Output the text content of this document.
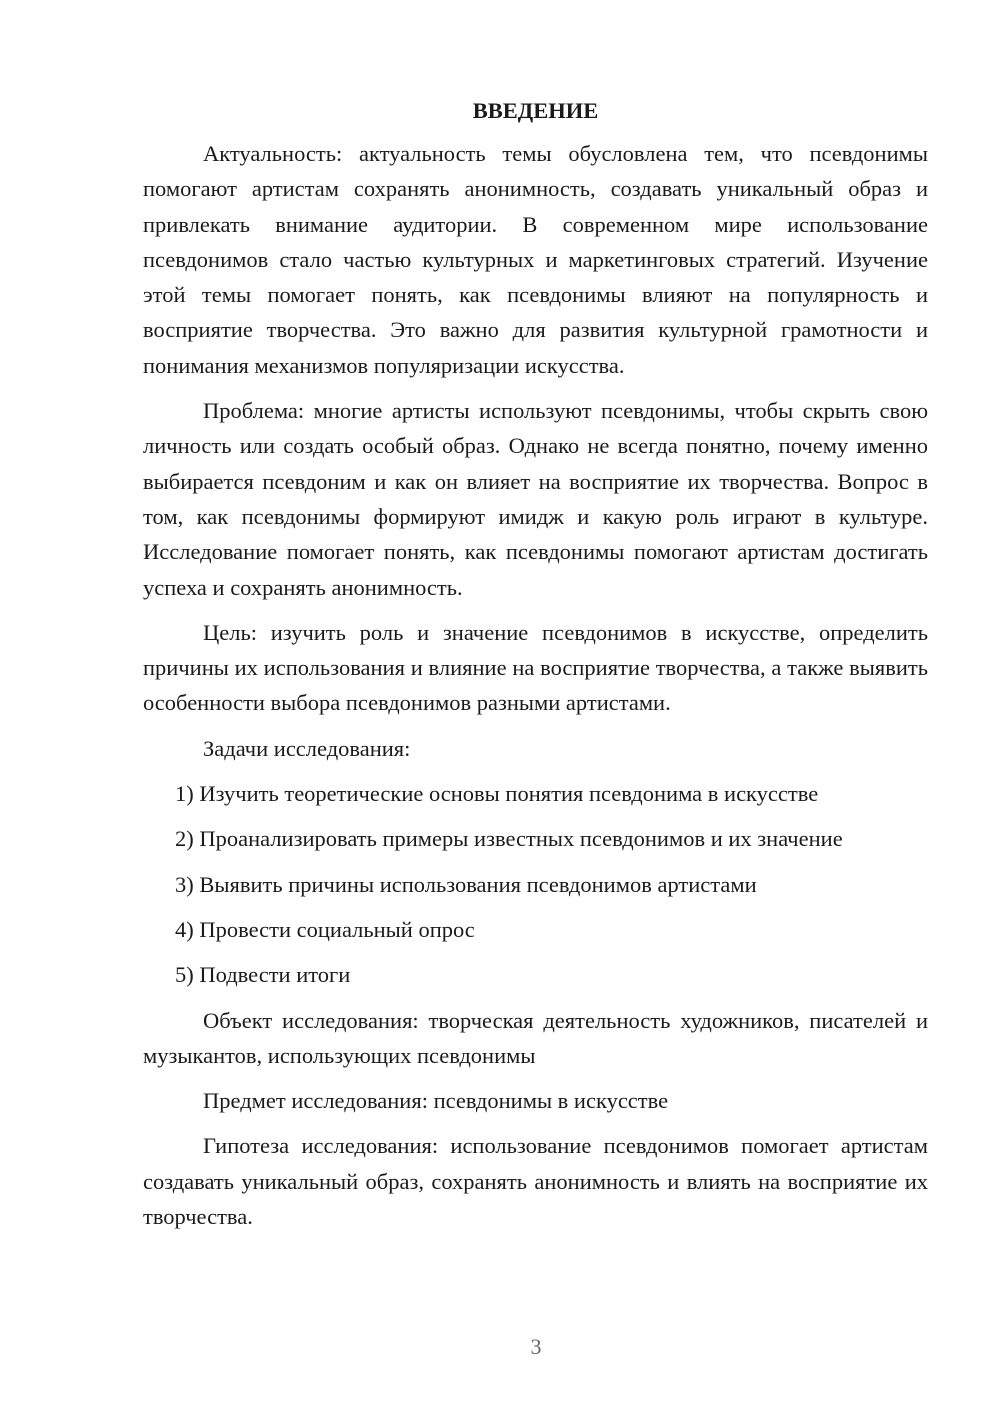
ВВЕДЕНИЕ

Актуальность: актуальность темы обусловлена тем, что псевдонимы помогают артистам сохранять анонимность, создавать уникальный образ и привлекать внимание аудитории. В современном мире использование псевдонимов стало частью культурных и маркетинговых стратегий. Изучение этой темы помогает понять, как псевдонимы влияют на популярность и восприятие творчества. Это важно для развития культурной грамотности и понимания механизмов популяризации искусства.

Проблема: многие артисты используют псевдонимы, чтобы скрыть свою личность или создать особый образ. Однако не всегда понятно, почему именно выбирается псевдоним и как он влияет на восприятие их творчества. Вопрос в том, как псевдонимы формируют имидж и какую роль играют в культуре. Исследование помогает понять, как псевдонимы помогают артистам достигать успеха и сохранять анонимность.

Цель: изучить роль и значение псевдонимов в искусстве, определить причины их использования и влияние на восприятие творчества, а также выявить особенности выбора псевдонимов разными артистами.

Задачи исследования:

1) Изучить теоретические основы понятия псевдонима в искусстве
2) Проанализировать примеры известных псевдонимов и их значение
3) Выявить причины использования псевдонимов артистами
4) Провести социальный опрос
5) Подвести итоги

Объект исследования: творческая деятельность художников, писателей и музыкантов, использующих псевдонимы

Предмет исследования: псевдонимы в искусстве

Гипотеза исследования: использование псевдонимов помогает артистам создавать уникальный образ, сохранять анонимность и влиять на восприятие их творчества.

3
